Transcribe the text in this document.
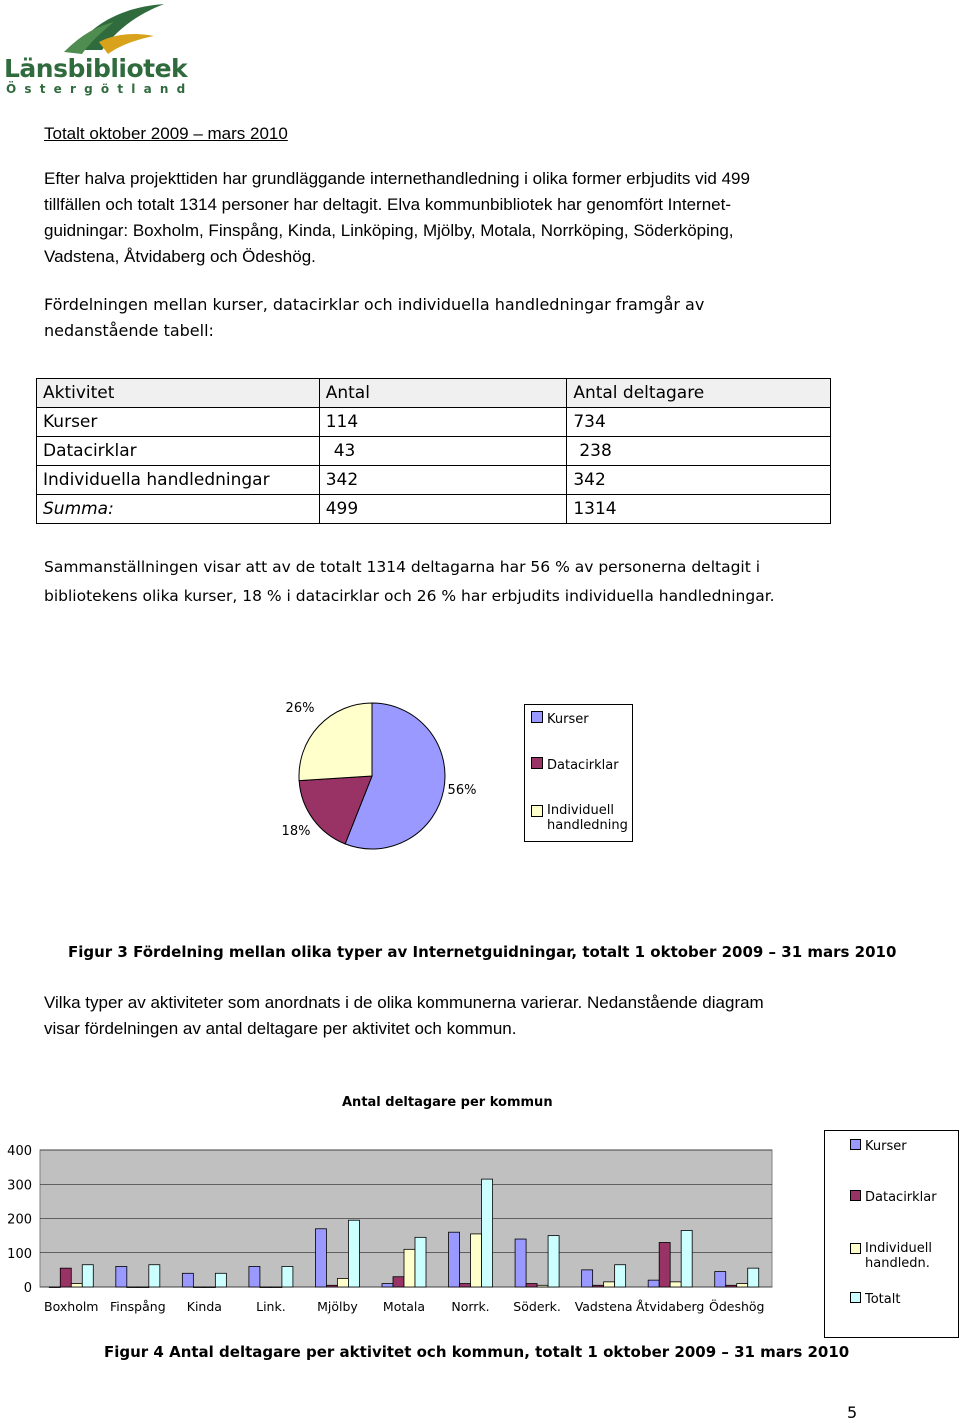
Länsbibliotek
Östergötland
Totalt oktober 2009 – mars 2010
Efter halva projekttiden har grundläggande internethandledning i olika former erbjudits vid 499
tillfällen och totalt 1314 personer har deltagit. Elva kommunbibliotek har genomfört Internet-
guidningar: Boxholm, Finspång, Kinda, Linköping, Mjölby, Motala, Norrköping, Söderköping,
Vadstena, Åtvidaberg och Ödeshög.
Fördelningen mellan kurser, datacirklar och individuella handledningar framgår av
nedanstående tabell:
Aktivitet	Antal	Antal deltagare
Kurser	114	734
Datacirklar	43	238
Individuella handledningar	342	342
Summa:	499	1314
Sammanställningen visar att av de totalt 1314 deltagarna har 56 % av personerna deltagit i
bibliotekens olika kurser, 18 % i datacirklar och 26 % har erbjudits individuella handledningar.
56%
18%
26%
Kurser
Datacirklar
Individuell handledning
Figur 3 Fördelning mellan olika typer av Internetguidningar, totalt 1 oktober 2009 – 31 mars 2010
Vilka typer av aktiviteter som anordnats i de olika kommunerna varierar. Nedanstående diagram
visar fördelningen av antal deltagare per aktivitet och kommun.
Antal deltagare per kommun
0
100
200
300
400
Boxholm Finspång Kinda	Link.	Mjölby Motala Norrk. Söderk. Vadstena Åtvidaberg Ödeshög
Kurser
Datacirklar
Individuell handledn.
Totalt
Figur 4 Antal deltagare per aktivitet och kommun, totalt 1 oktober 2009 – 31 mars 2010
5
